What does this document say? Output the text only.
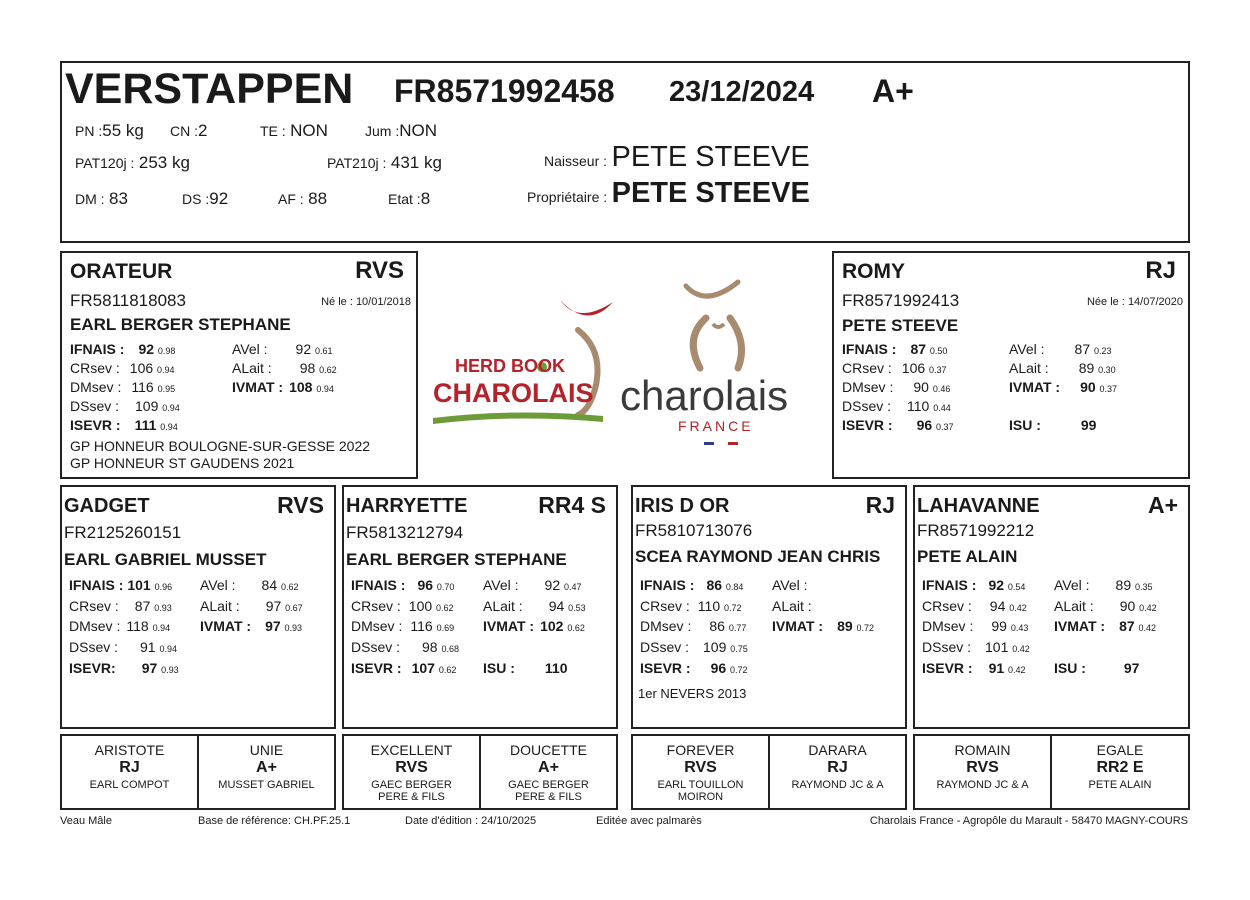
VERSTAPPEN FR8571992458 23/12/2024 A+
PN :55 kg CN :2	TE : NON	Jum :NON
PAT120j : 253 kg	PAT210j : 431 kg
DM : 83	DS :92	AF : 88	Etat :8
Naisseur : PETE STEEVE
Propriétaire : PETE STEEVE
ORATEUR	RVS
FR5811818083	Né le : 10/01/2018
EARL BERGER STEPHANE
IFNAIS : 92 0.98
CRsev : 106 0.94
DMsev : 116 0.95
DSsev : 109 0.94
ISEVR : 111 0.94
AVel : 92 0.61
ALait : 98 0.62
IVMAT : 108 0.94
GP HONNEUR BOULOGNE-SUR-GESSE 2022
GP HONNEUR ST GAUDENS 2021
HERD BOOK
CHAROLAIS charolais
FRANCE
ROMY	RJ
FR8571992413	Née le : 14/07/2020
PETE STEEVE
IFNAIS : 87 0.50
CRsev : 106 0.37
DMsev : 90 0.46
DSsev : 110 0.44
ISEVR : 96 0.37
AVel : 87 0.23
ALait : 89 0.30
IVMAT : 90 0.37
ISU :	99
GADGET	RVS
FR2125260151
EARL GABRIEL MUSSET
IFNAIS : 101 0.96
CRsev : 87 0.93
DMsev : 118 0.94
DSsev : 91 0.94
ISEVR: 97 0.93
AVel : 84 0.62
ALait : 97 0.67
IVMAT : 97 0.93
HARRYETTE	RR4 S
FR5813212794
EARL BERGER STEPHANE
IFNAIS : 96 0.70
CRsev : 100 0.62
DMsev : 116 0.69
DSsev : 98 0.68
ISEVR : 107 0.62
AVel : 92 0.47
ALait : 94 0.53
IVMAT : 102 0.62
ISU : 110
IRIS D OR	RJ
FR5810713076
SCEA RAYMOND JEAN CHRIS
IFNAIS : 86 0.84
CRsev : 110 0.72
DMsev : 86 0.77
DSsev : 109 0.75
ISEVR : 96 0.72
AVel :
ALait :
IVMAT : 89 0.72
1er NEVERS 2013
LAHAVANNE	A+
FR8571992212
PETE ALAIN
IFNAIS : 92 0.54
CRsev : 94 0.42
DMsev : 99 0.43
DSsev : 101 0.42
ISEVR : 91 0.42
AVel : 89 0.35
ALait : 90 0.42
IVMAT : 87 0.42
ISU :	97
ARISTOTE
RJ
EARL COMPOT
UNIE
A+
MUSSET GABRIEL
EXCELLENT
RVS
GAEC BERGER PERE & FILS
DOUCETTE
A+
GAEC BERGER PERE & FILS
FOREVER
RVS
EARL TOUILLON MOIRON
DARARA
RJ
RAYMOND JC & A
ROMAIN
RVS
RAYMOND JC & A
EGALE
RR2 E
PETE ALAIN
Veau Mâle	Base de référence: CH.PF.25.1	Date d'édition : 24/10/2025	Editée avec palmarès	Charolais France - Agropôle du Marault - 58470 MAGNY-COURS
